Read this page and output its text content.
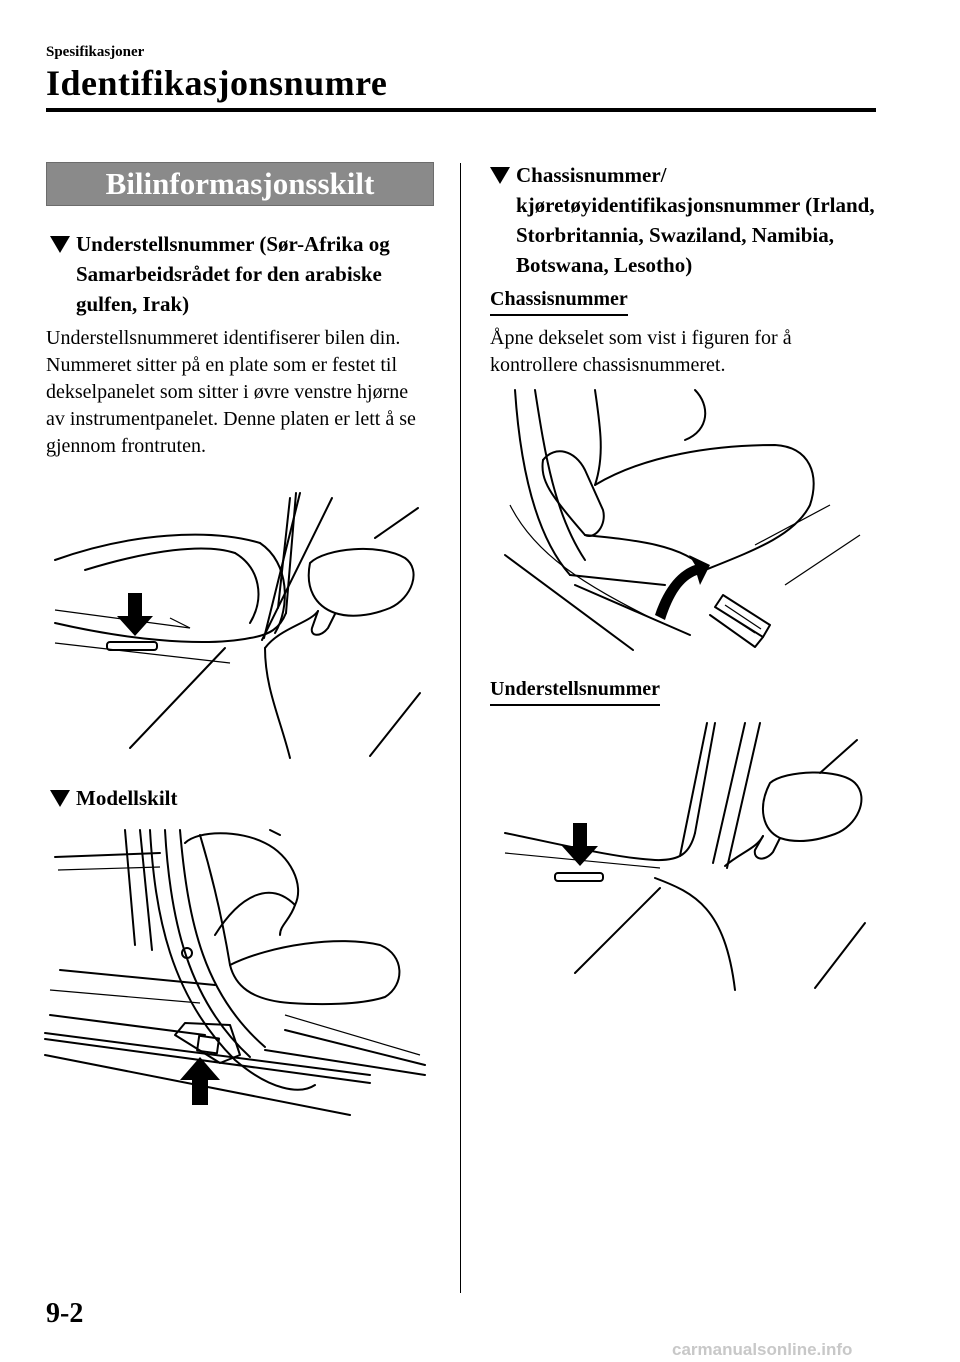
Spesifikasjoner
Identifikasjonsnumre
Bilinformasjonsskilt
Understellsnummer (Sør-Afrika og Samarbeidsrådet for den arabiske gulfen, Irak)
Understellsnummeret identifiserer bilen din. Nummeret sitter på en plate som er festet til dekselpanelet som sitter i øvre venstre hjørne av instrumentpanelet. Denne platen er lett å se gjennom frontruten.
Modellskilt
Chassisnummer/ kjøretøyidentifikasjonsnummer (Irland, Storbritannia, Swaziland, Namibia, Botswana, Lesotho)
Chassisnummer
Åpne dekselet som vist i figuren for å kontrollere chassisnummeret.
Understellsnummer
9-2
carmanualsonline.info
